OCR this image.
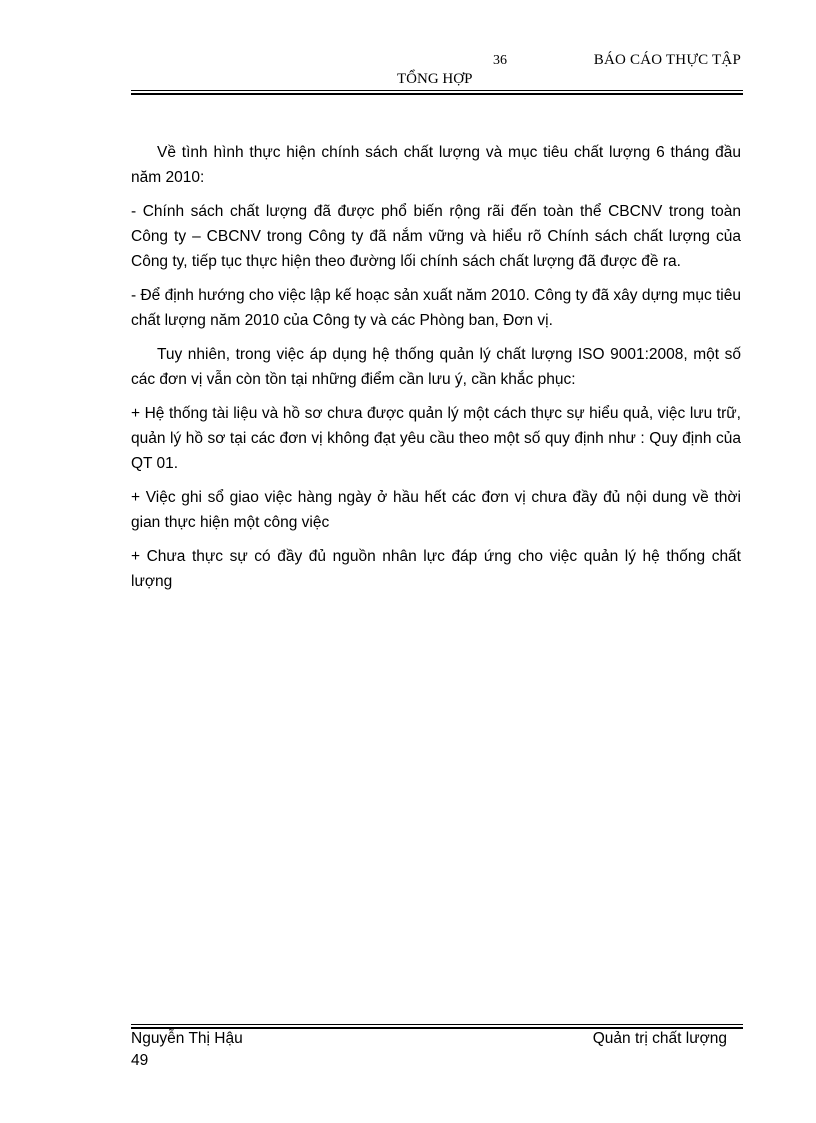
36	BÁO CÁO THỰC TẬP
TỔNG HỢP

Về tình hình thực hiện chính sách chất lượng và mục tiêu chất lượng 6 tháng đầu năm 2010:

- Chính sách chất lượng đã được phổ biến rộng rãi đến toàn thể CBCNV trong toàn Công ty – CBCNV trong Công ty đã nắm vững và hiểu rõ Chính sách chất lượng của Công ty, tiếp tục thực hiện theo đường lối chính sách chất lượng đã được đề ra.

- Để định hướng cho việc lập kế hoạc sản xuất năm 2010. Công ty đã xây dựng mục tiêu chất lượng năm 2010 của Công ty và các Phòng ban, Đơn vị.

Tuy nhiên, trong việc áp dụng hệ thống quản lý chất lượng ISO 9001:2008, một số các đơn vị vẫn còn tồn tại những điểm cần lưu ý, cần khắc phục:

+ Hệ thống tài liệu và hồ sơ chưa được quản lý một cách thực sự hiểu quả, việc lưu trữ, quản lý hồ sơ tại các đơn vị không đạt yêu cầu theo một số quy định như : Quy định của QT 01.

+ Việc ghi sổ giao việc hàng ngày ở hầu hết các đơn vị chưa đầy đủ nội dung về thời gian thực hiện một công việc

+ Chưa thực sự có đầy đủ nguồn nhân lực đáp ứng cho việc quản lý hệ thống chất lượng

Nguyễn Thị Hậu	Quản trị chất lượng
49
